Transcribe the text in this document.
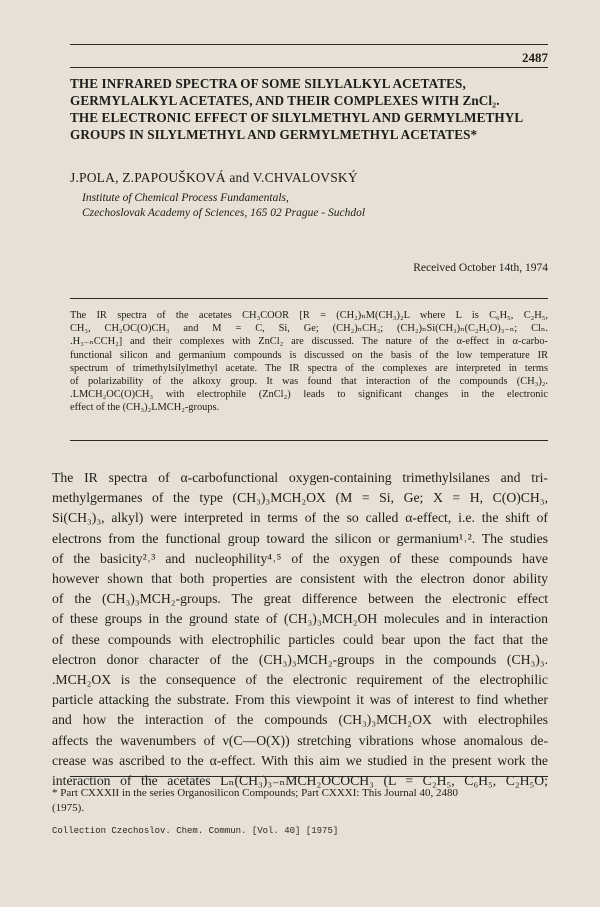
2487
THE INFRARED SPECTRA OF SOME SILYLALKYL ACETATES,
GERMYLALKYL ACETATES, AND THEIR COMPLEXES WITH ZnCl₂.
THE ELECTRONIC EFFECT OF SILYLMETHYL AND GERMYLMETHYL
GROUPS IN SILYLMETHYL AND GERMYLMETHYL ACETATES*
J.POLA, Z.PAPOUŠKOVÁ and V.CHVALOVSKÝ
Institute of Chemical Process Fundamentals,
Czechoslovak Academy of Sciences, 165 02 Prague - Suchdol
Received October 14th, 1974
The IR spectra of the acetates CH₃COOR [R = (CH₂)ₙM(CH₃)₂L where L is C₆H₅, C₂H₅,
CH₃, CH₂OC(O)CH₃ and M = C, Si, Ge; (CH₂)ₙCH₃; (CH₂)ₙSi(CH₃)ₙ(C₂H₅O)₃₋ₙ; Clₙ.
.H₃₋ₙCCH₂] and their complexes with ZnCl₂ are discussed. The nature of the α-effect in α-carbo-
functional silicon and germanium compounds is discussed on the basis of the low temperature IR
spectrum of trimethylsilylmethyl acetate. The IR spectra of the complexes are interpreted in terms
of polarizability of the alkoxy group. It was found that interaction of the compounds (CH₃)₂.
.LMCH₂OC(O)CH₃ with electrophile (ZnCl₂) leads to significant changes in the electronic
effect of the (CH₃)₂LMCH₂-groups.
The IR spectra of α-carbofunctional oxygen-containing trimethylsilanes and tri-
methylgermanes of the type (CH₃)₃MCH₂OX (M = Si, Ge; X = H, C(O)CH₃,
Si(CH₃)₃, alkyl) were interpreted in terms of the so called α-effect, i.e. the shift of
electrons from the functional group toward the silicon or germanium¹˒². The studies
of the basicity²˒³ and nucleophility⁴˒⁵ of the oxygen of these compounds have
however shown that both properties are consistent with the electron donor ability
of the (CH₃)₃MCH₂-groups. The great difference between the electronic effect
of these groups in the ground state of (CH₃)₃MCH₂OH molecules and in interaction
of these compounds with electrophilic particles could bear upon the fact that the
electron donor character of the (CH₃)₃MCH₂-groups in the compounds (CH₃)₃.
.MCH₂OX is the consequence of the electronic requirement of the electrophilic
particle attacking the substrate. From this viewpoint it was of interest to find whether
and how the interaction of the compounds (CH₃)₃MCH₂OX with electrophiles
affects the wavenumbers of ν(C—O(X)) stretching vibrations whose anomalous de-
crease was ascribed to the α-effect. With this aim we studied in the present work the
interaction of the acetates Lₙ(CH₃)₃₋ₙMCH₂OCOCH₃ (L = C₂H₅, C₆H₅, C₂H₅O;
* Part CXXXII in the series Organosilicon Compounds; Part CXXXI: This Journal 40, 2480
(1975).
Collection Czechoslov. Chem. Commun. [Vol. 40] [1975]
